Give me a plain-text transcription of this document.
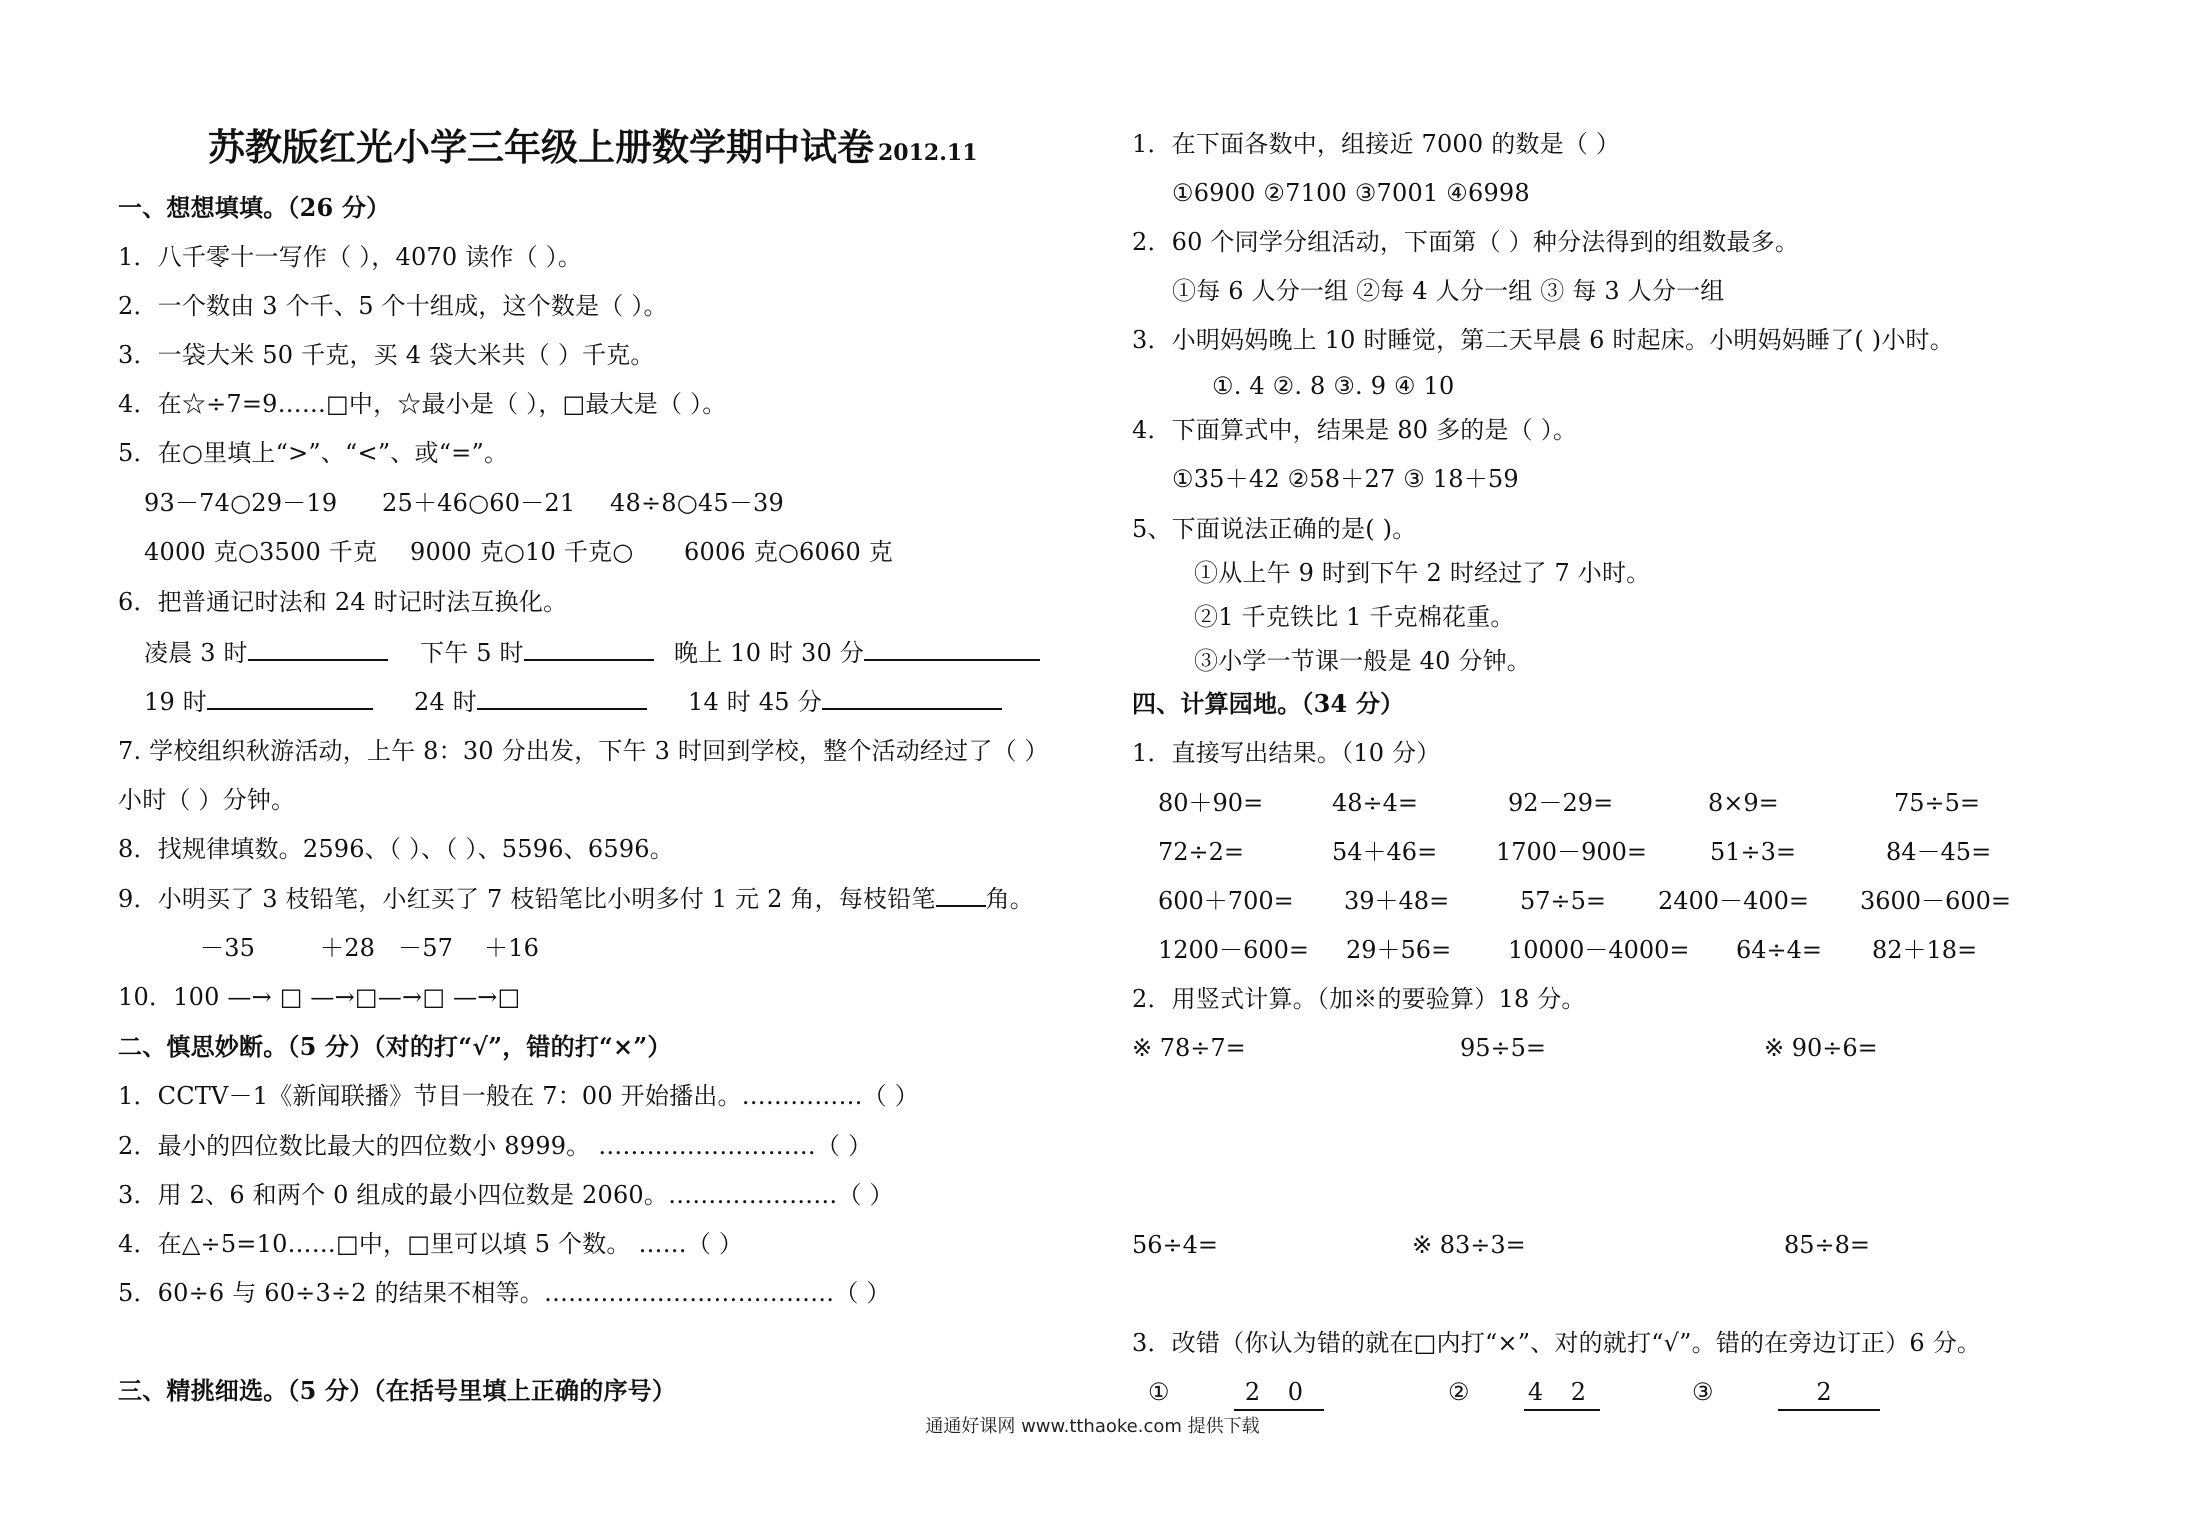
苏教版红光小学三年级上册数学期中试卷 2012.11
一、想想填填。（26 分）
1．八千零十一写作（ ），4070 读作（ ）。
2．一个数由 3 个千、5 个十组成，这个数是（ ）。
3．一袋大米 50 千克，买 4 袋大米共（ ）千克。
4．在☆÷7=9……□中，☆最小是（ ），□最大是（ ）。
5．在○里填上“>”、“<”、或“=”。
93－74○29－19 25＋46○60－21 48÷8○45－39
4000 克○3500 千克 9000 克○10 千克○ 6006 克○6060 克
6．把普通记时法和 24 时记时法互换化。
凌晨 3 时	下午 5 时	晚上 10 时 30 分
19 时	24 时	14 时 45 分
7. 学校组织秋游活动，上午 8：30 分出发，下午 3 时回到学校，整个活动经过了（ ）
小时（ ）分钟。
8．找规律填数。2596、（ ）、（ ）、5596、6596。
9．小明买了 3 枝铅笔，小红买了 7 枝铅笔比小明多付 1 元 2 角，每枝铅笔 角。
－35	＋28 －57 ＋16
10．100 —→ □ —→□—→□ —→□
二、慎思妙断。（5 分）（对的打“√”，错的打“×”）
1．CCTV－1《新闻联播》节目一般在 7：00 开始播出。……………（ ）
2．最小的四位数比最大的四位数小 8999。 ………………………（ ）
3．用 2、6 和两个 0 组成的最小四位数是 2060。…………………（ ）
4．在△÷5=10……□中，□里可以填 5 个数。 ……（ ）
5．60÷6 与 60÷3÷2 的结果不相等。………………………………（ ）
三、精挑细选。（5 分）（在括号里填上正确的序号）
1．在下面各数中，组接近 7000 的数是（ ）
①6900 ②7100 ③7001 ④6998
2．60 个同学分组活动，下面第（ ）种分法得到的组数最多。
①每 6 人分一组 ②每 4 人分一组 ③ 每 3 人分一组
3．小明妈妈晚上 10 时睡觉，第二天早晨 6 时起床。小明妈妈睡了( )小时。
①. 4 ②. 8 ③. 9 ④ 10
4．下面算式中，结果是 80 多的是（ ）。
①35＋42 ②58＋27 ③ 18＋59
5、下面说法正确的是( )。
①从上午 9 时到下午 2 时经过了 7 小时。
②1 千克铁比 1 千克棉花重。
③小学一节课一般是 40 分钟。
四、计算园地。（34 分）
1．直接写出结果。（10 分）
80＋90=	48÷4=	92－29=	8×9=	75÷5=
72÷2=	54＋46= 1700－900=	51÷3=	84－45=
600＋700= 39＋48=	57÷5= 2400－400= 3600－600=
1200－600= 29＋56= 10000－4000= 64÷4= 82＋18=
2．用竖式计算。（加※的要验算）18 分。
※ 78÷7=	95÷5=	※ 90÷6=
56÷4=	※ 83÷3=	85÷8=
3．改错（你认为错的就在□内打“×”、对的就打“√”。错的在旁边订正）6 分。
①	2 0	② 4 2	③	2
通通好课网 www.tthaoke.com 提供下载
